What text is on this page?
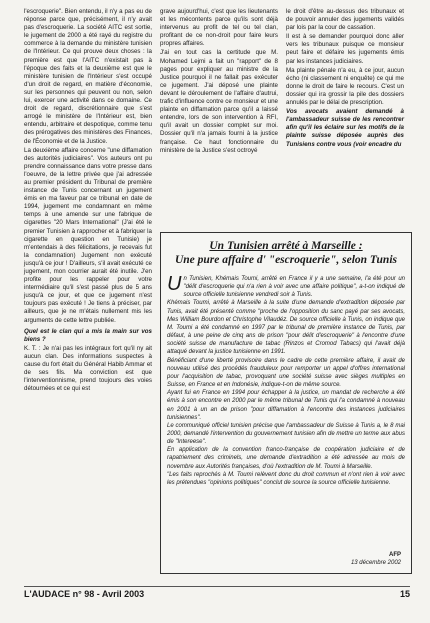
l'escroquerie". Bien entendu, il n'y a pas eu de réponse parce que, précisément, il n'y avait pas d'escroquerie. La société AITC est sortie, le jugement de 2000 a été rayé du registre du commerce à la demande du ministère tunisien de l'Intérieur. Ce qui prouve deux choses : la première est que l'AITC n'existait pas à l'époque des faits et la deuxième est que le ministère tunisien de l'Intérieur s'est occupé d'un droit de regard, en matière d'économie, sur les personnes qui peuvent ou non, selon lui, exercer une activité dans ce domaine. Ce droit de regard, discrétionnaire que s'est arrogé le ministère de l'Intérieur est, bien entendu, arbitraire et despotique, comme tenu des prérogatives des ministères des Finances, de l'Économie et de la Justice.

La deuxième affaire concerne "une diffamation des autorités judiciaires". Vos auteurs ont pu prendre connaissance dans votre presse dans l'oeuvre, de la lettre privée que j'ai adressée au premier président du Tribunal de première instance de Tunis concernant un jugement émis en ma faveur par ce tribunal en date de 1994, jugement me condamnant en même temps à une amende sur une fabrique de cigarettes "20 Mars International" (J'ai été le premier Tunisien à rapprocher et à fabriquer la cigarette en question en Tunisie) je m'entendais à des félicitations, je recevais fut la condamnation) Jugement non exécuté jusqu'à ce jour ! D'ailleurs, s'il avait exécuté ce jugement, mon courrier aurait été inutile. J'en profite pour les rappeler pour votre intermédiaire qu'il s'est passé plus de 5 ans jusqu'à ce jour, et que ce jugement n'est toujours pas exécuté ! Je tiens à préciser, par ailleurs, que je ne m'étais nullement mis les arguments de cette lettre publiée.

Quel est le clan qui a mis la main sur vos biens ?

K. T. : Je n'ai pas les intégraux fort qu'il ny ait aucun clan. Des informations suspectes à cause du fort était du Général Habib Ammar et de ses fils. Ma conviction est que l'interventionnisme, prend toujours des voies détournées et ce qui est

grave aujourd'hui, c'est que les lieutenants et les mécontents parce qu'ils sont déjà intervenus au profit de tel ou tel clan, profitant de ce non-droit pour faire leurs propres affaires.

J'ai en tout cas la certitude que M. Mohamed Lejmi a fait un "rapport" de 8 pages pour expliquer au ministre de la Justice pourquoi il ne fallait pas exécuter ce jugement. J'ai déposé une plainte devant le déroulement de l'affaire d'autrui, trafic d'influence contre ce monsieur et une plainte en diffamation parce qu'il a laissé entendre, lors de son intervention à RFI, qu'il avait un dossier complet sur moi. Dossier qu'il n'a jamais fourni à la justice française. Ce haut fonctionnaire du ministère de la Justice s'est octroyé

le droit d'être au-dessus des tribunaux et de pouvoir annuler des jugements validés par lois par la cour de cassation.

Il est à se demander pourquoi donc aller vers les tribunaux puisque ce monsieur peut faire et défaire les jugements émis par les instances judiciaires.

Ma plainte pénale n'a eu, à ce jour, aucun écho (ni classement ni enquête) ce qui me donne le droit de faire le recours. C'est un dossier qui ira grossir la pile des dossiers annulés par le délai de prescription.

Vos avocats avaient demandé à l'ambassadeur suisse de les rencontrer afin qu'il les éclaire sur les motifs de la plainte suisse déposée auprès des Tunisiens contre vous (voir encadre du

Un Tunisien arrêté à Marseille :
Une pure affaire d' "escroquerie", selon Tunis

Un Tunisien, Khémais Toumi, arrêté en France il y a une semaine, l'a été pour un "délit d'escroquerie qui n'a rien à voir avec une affaire politique", a-t-on indiqué de source officielle tunisienne vendredi soir à Tunis.

Khémais Toumi, arrêté à Marseille à la suite d'une demande d'extradition déposée par Tunis, avait été présenté comme "proche de l'opposition du sanc payé par ses avocats, Mes William Bourdon et Christophe Vilaudéz. De source officielle à Tunis, on indique que M. Toumi a été condamné en 1997 par le tribunal de première instance de Tunis, par défaut, à une peine de cinq ans de prison "pour délit d'escroquerie" à l'encontre d'une société suisse de manufacture de tabac (Rinzos et Cromod Tabacs) qui l'avait déjà attaqué devant la justice tunisienne en 1991.

Bénéficiant d'une liberté provisoire dans le cadre de cette première affaire, il avait de nouveau utilisé des procédés frauduleux pour remporter un appel d'offres international pour l'acquisition de tabac, provoquant une société suisse avec sièges multiples en Suisse, en France et en Indonésie, indique-t-on de même source.

Ayant fui en France en 1994 pour échapper à la justice, un mandat de recherche a été émis à son encontre en 2000 par le même tribunal de Tunis qui l'a condamné à nouveau en 2001 à un an de prison "pour diffamation à l'encontre des instances judiciaires tunisiennes".

Le communiqué officiel tunisien précise que l'ambassadeur de Suisse à Tunis a, le 8 mai 2000, demandé l'intervention du gouvernement tunisien afin de mettre un terme aux abus de "Intereese".

En application de la convention franco-française de coopération judiciaire et de rapatriement des criminels, une demande d'extradition a été adressée au mois de novembre aux Autorités françaises, d'où l'extradition de M. Toumi à Marseille.

"Les faits reprochés à M. Toumi relèvent donc du droit commun et n'ont rien à voir avec les prétendues "opinions politiques" conclut de source la source officielle tunisienne.

AFP
13 décembre 2002
L'AUDACE n° 98 - Avril 2003	15
